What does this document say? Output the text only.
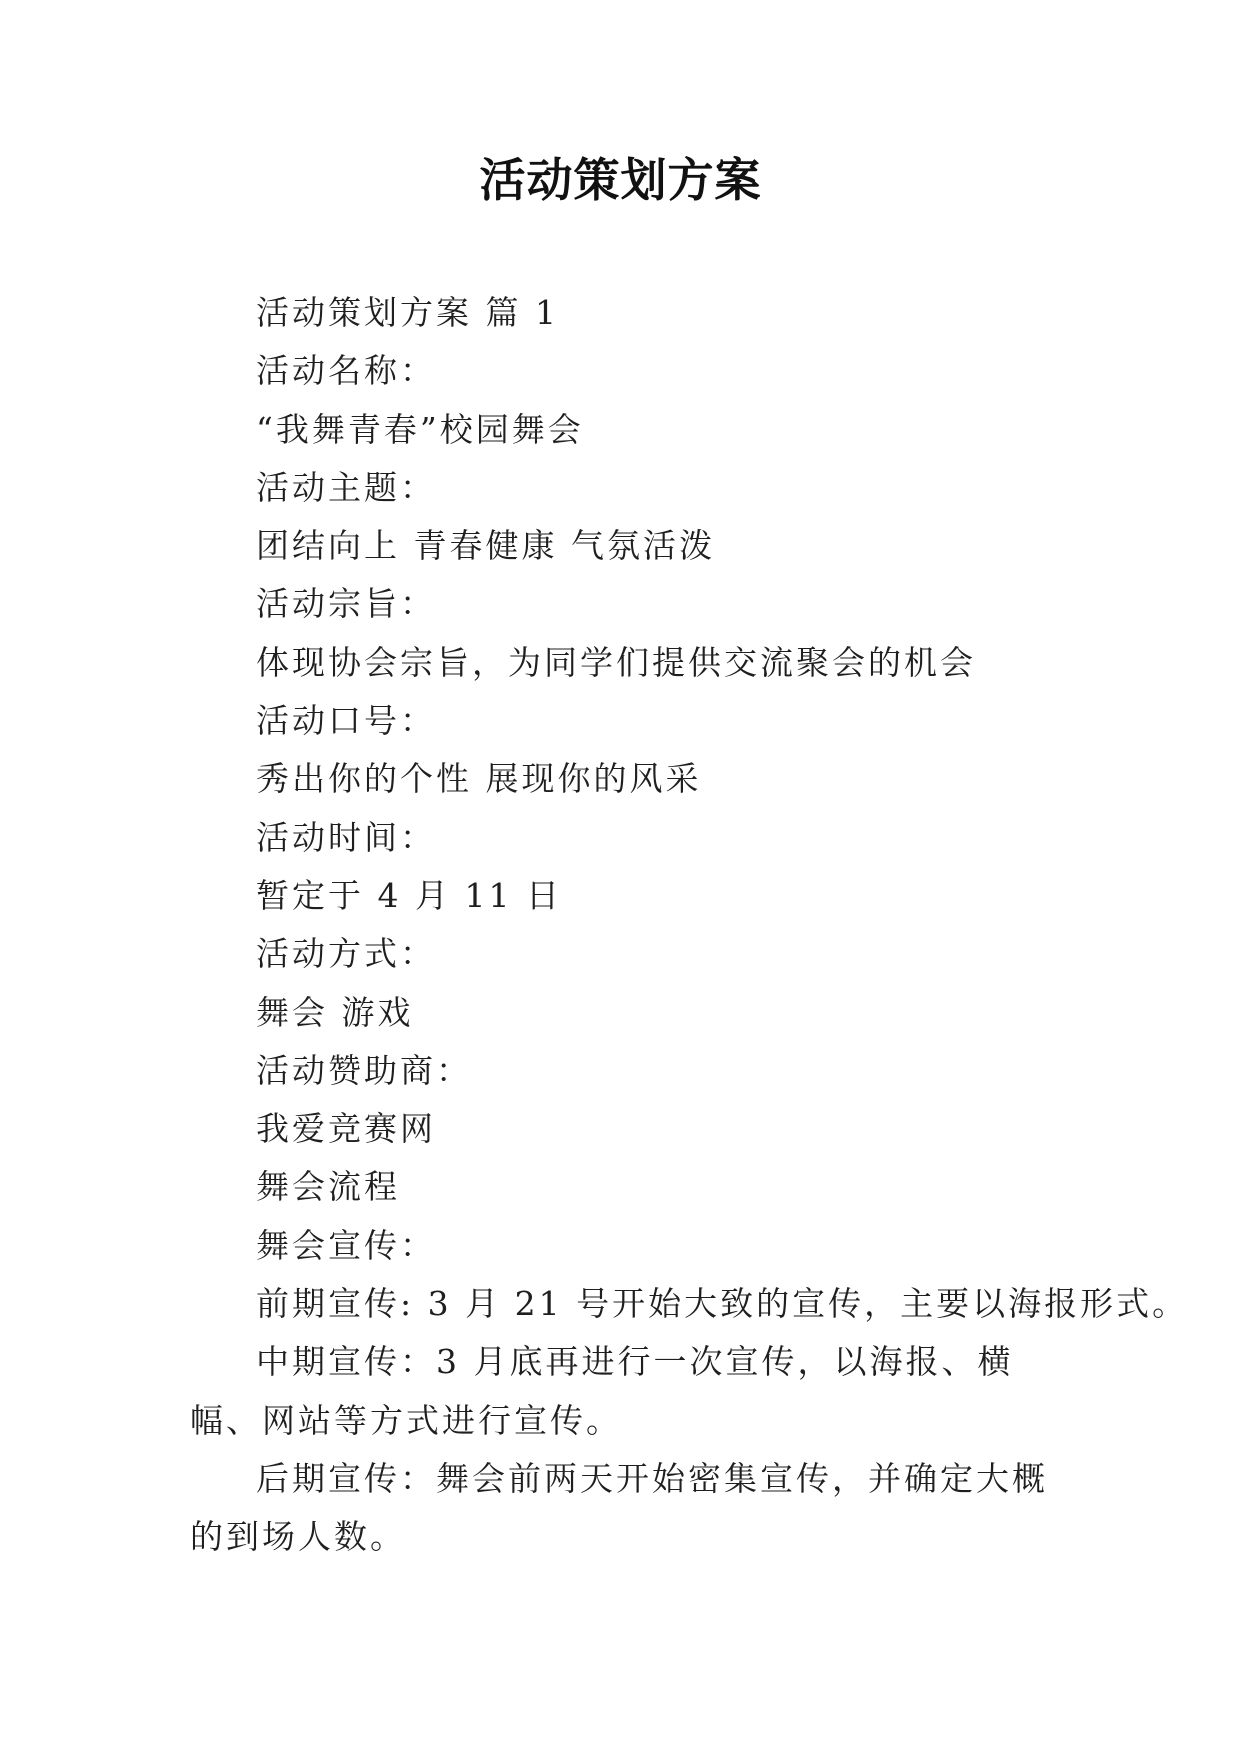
活动策划方案

活动策划方案 篇 1

活动名称：

“我舞青春”校园舞会

活动主题：

团结向上 青春健康 气氛活泼

活动宗旨：

体现协会宗旨，为同学们提供交流聚会的机会

活动口号：

秀出你的个性 展现你的风采

活动时间：

暂定于 4 月 11 日

活动方式：

舞会 游戏

活动赞助商：

我爱竞赛网

舞会流程

舞会宣传：

前期宣传: 3 月 21 号开始大致的宣传，主要以海报形式。

中期宣传：3 月底再进行一次宣传，以海报、横幅、网站等方式进行宣传。

后期宣传：舞会前两天开始密集宣传，并确定大概的到场人数。
